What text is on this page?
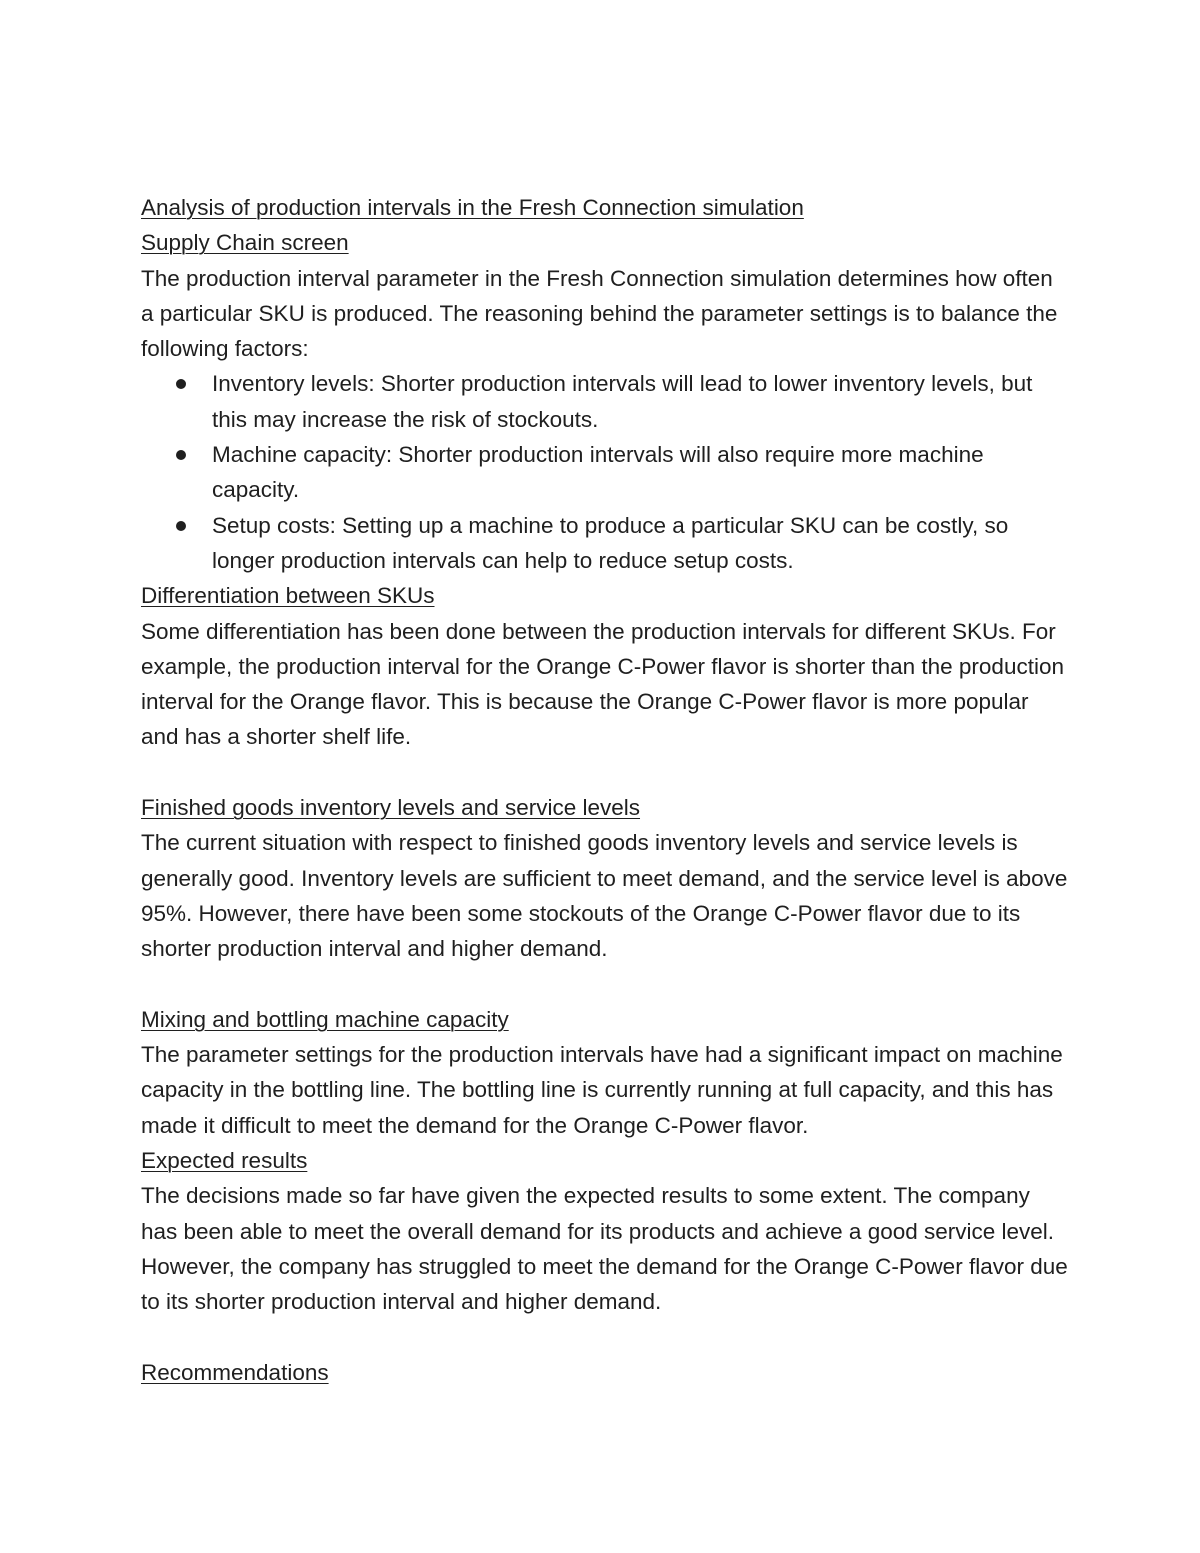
Analysis of production intervals in the Fresh Connection simulation

Supply Chain screen

The production interval parameter in the Fresh Connection simulation determines how often a particular SKU is produced. The reasoning behind the parameter settings is to balance the following factors:

Inventory levels: Shorter production intervals will lead to lower inventory levels, but this may increase the risk of stockouts.
Machine capacity: Shorter production intervals will also require more machine capacity.
Setup costs: Setting up a machine to produce a particular SKU can be costly, so longer production intervals can help to reduce setup costs.

Differentiation between SKUs

Some differentiation has been done between the production intervals for different SKUs. For example, the production interval for the Orange C-Power flavor is shorter than the production interval for the Orange flavor. This is because the Orange C-Power flavor is more popular and has a shorter shelf life.

Finished goods inventory levels and service levels

The current situation with respect to finished goods inventory levels and service levels is generally good. Inventory levels are sufficient to meet demand, and the service level is above 95%. However, there have been some stockouts of the Orange C-Power flavor due to its shorter production interval and higher demand.

Mixing and bottling machine capacity

The parameter settings for the production intervals have had a significant impact on machine capacity in the bottling line. The bottling line is currently running at full capacity, and this has made it difficult to meet the demand for the Orange C-Power flavor.

Expected results

The decisions made so far have given the expected results to some extent. The company has been able to meet the overall demand for its products and achieve a good service level. However, the company has struggled to meet the demand for the Orange C-Power flavor due to its shorter production interval and higher demand.

Recommendations
